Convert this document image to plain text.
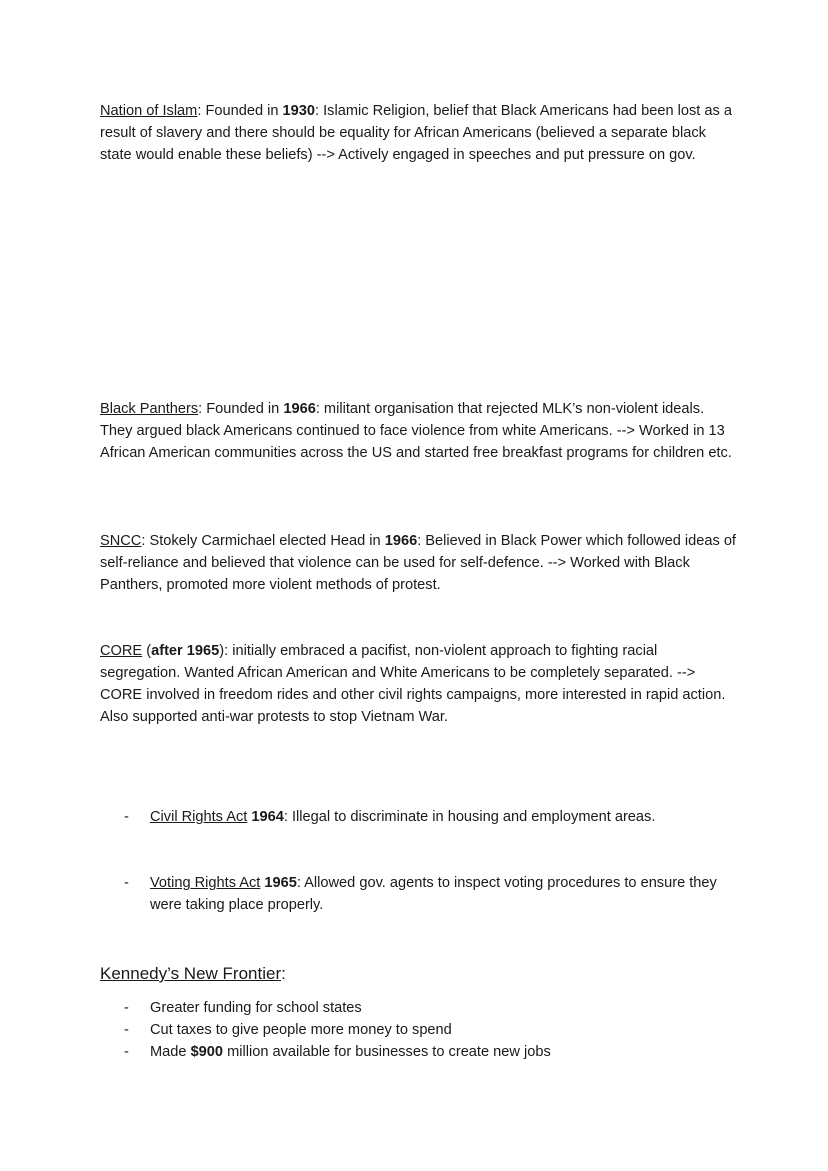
Nation of Islam: Founded in 1930: Islamic Religion, belief that Black Americans had been lost as a result of slavery and there should be equality for African Americans (believed a separate black state would enable these beliefs) --> Actively engaged in speeches and put pressure on gov.

Black Panthers: Founded in 1966: militant organisation that rejected MLK’s non-violent ideals. They argued black Americans continued to face violence from white Americans. --> Worked in 13 African American communities across the US and started free breakfast programs for children etc.

SNCC: Stokely Carmichael elected Head in 1966: Believed in Black Power which followed ideas of self-reliance and believed that violence can be used for self-defence. --> Worked with Black Panthers, promoted more violent methods of protest.

CORE (after 1965): initially embraced a pacifist, non-violent approach to fighting racial segregation. Wanted African American and White Americans to be completely separated. --> CORE involved in freedom rides and other civil rights campaigns, more interested in rapid action. Also supported anti-war protests to stop Vietnam War.

- Civil Rights Act 1964: Illegal to discriminate in housing and employment areas.
- Voting Rights Act 1965: Allowed gov. agents to inspect voting procedures to ensure they were taking place properly.

Kennedy’s New Frontier:

- Greater funding for school states
- Cut taxes to give people more money to spend
- Made $900 million available for businesses to create new jobs
